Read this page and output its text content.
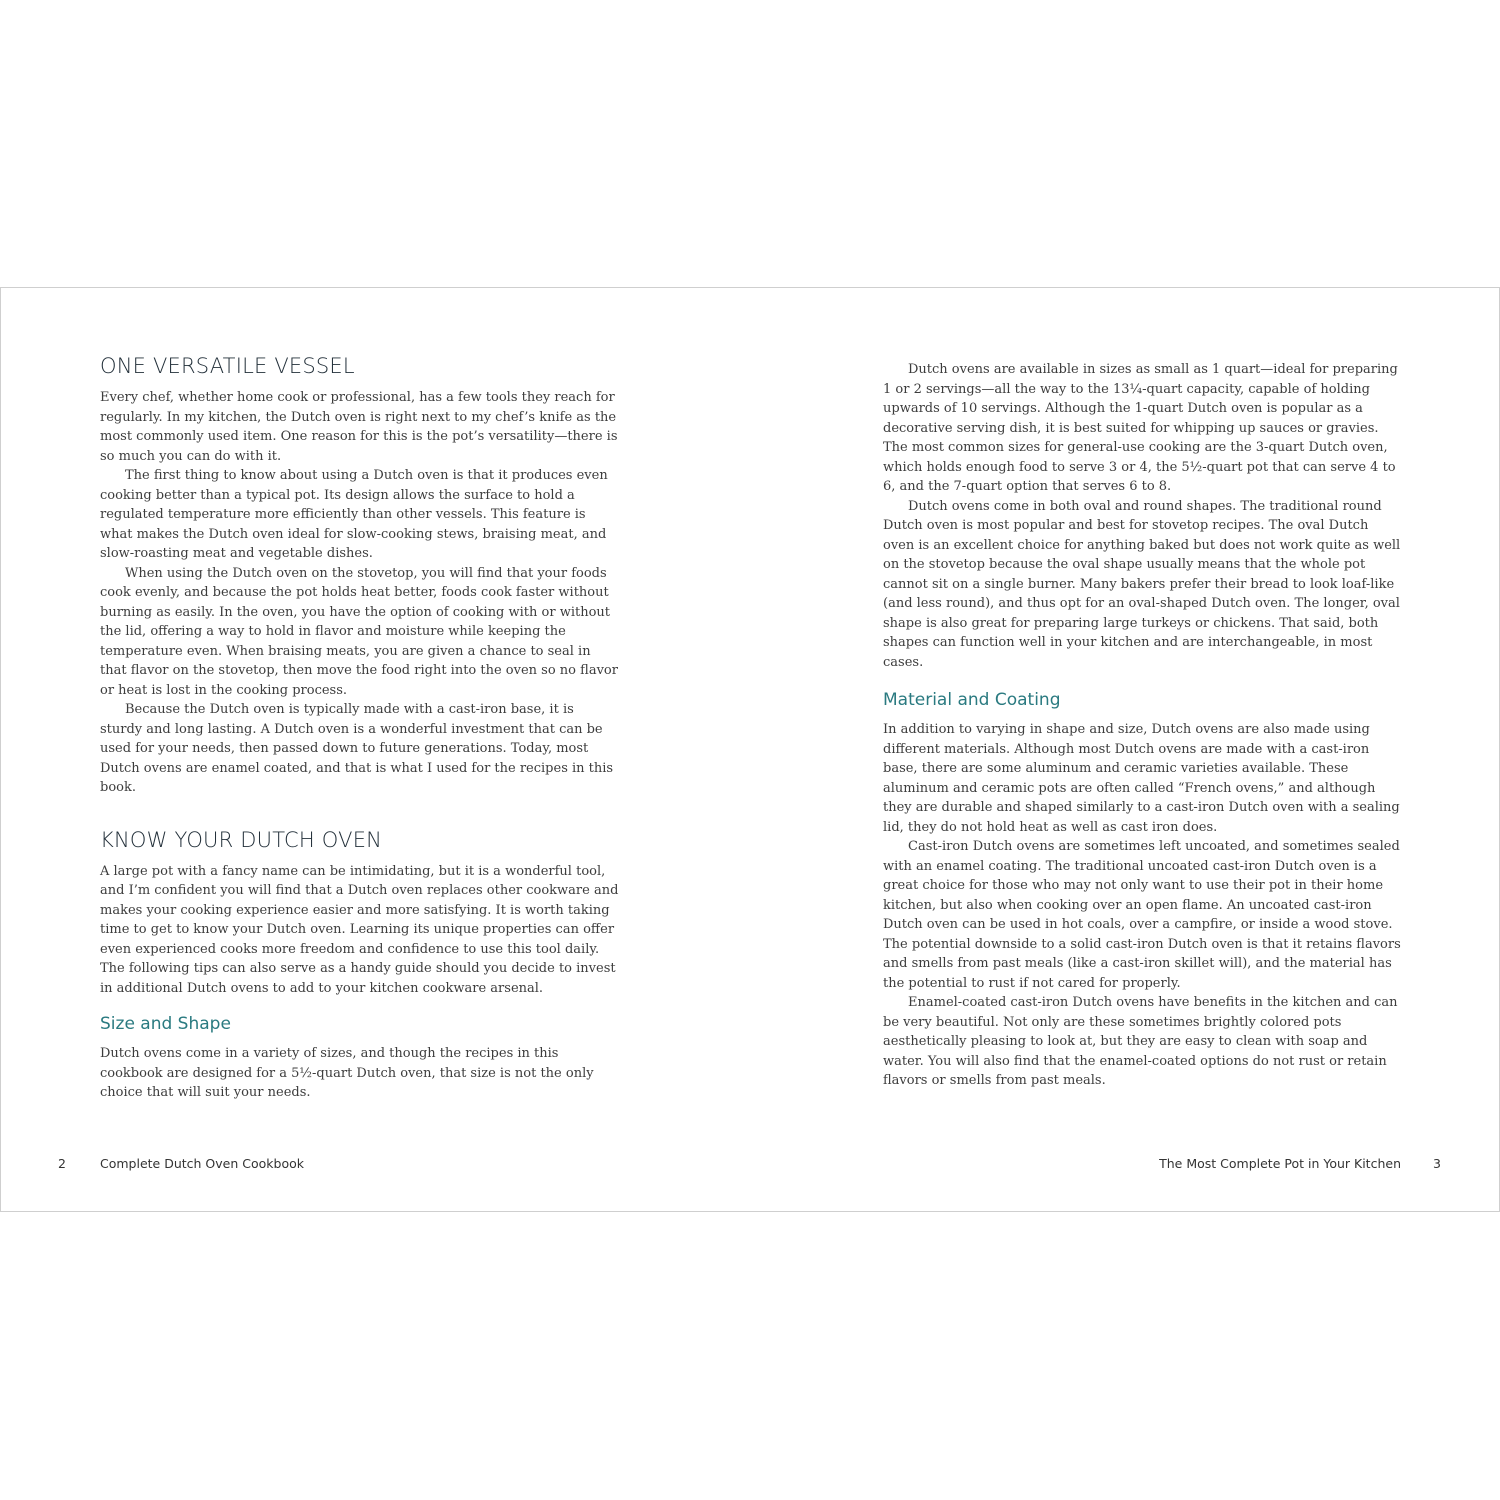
ONE VERSATILE VESSEL

Every chef, whether home cook or professional, has a few tools they reach for regularly. In my kitchen, the Dutch oven is right next to my chef’s knife as the most commonly used item. One reason for this is the pot’s versatility—there is so much you can do with it.

The first thing to know about using a Dutch oven is that it produces even cooking better than a typical pot. Its design allows the surface to hold a regulated temperature more efficiently than other vessels. This feature is what makes the Dutch oven ideal for slow-cooking stews, braising meat, and slow-roasting meat and vegetable dishes.

When using the Dutch oven on the stovetop, you will find that your foods cook evenly, and because the pot holds heat better, foods cook faster without burning as easily. In the oven, you have the option of cooking with or without the lid, offering a way to hold in flavor and moisture while keeping the temperature even. When braising meats, you are given a chance to seal in that flavor on the stovetop, then move the food right into the oven so no flavor or heat is lost in the cooking process.

Because the Dutch oven is typically made with a cast-iron base, it is sturdy and long lasting. A Dutch oven is a wonderful investment that can be used for your needs, then passed down to future generations. Today, most Dutch ovens are enamel coated, and that is what I used for the recipes in this book.

KNOW YOUR DUTCH OVEN

A large pot with a fancy name can be intimidating, but it is a wonderful tool, and I’m confident you will find that a Dutch oven replaces other cookware and makes your cooking experience easier and more satisfying. It is worth taking time to get to know your Dutch oven. Learning its unique properties can offer even experienced cooks more freedom and confidence to use this tool daily. The following tips can also serve as a handy guide should you decide to invest in additional Dutch ovens to add to your kitchen cookware arsenal.

Size and Shape

Dutch ovens come in a variety of sizes, and though the recipes in this cookbook are designed for a 5½-quart Dutch oven, that size is not the only choice that will suit your needs.

Dutch ovens are available in sizes as small as 1 quart—ideal for preparing 1 or 2 servings—all the way to the 13¼-quart capacity, capable of holding upwards of 10 servings. Although the 1-quart Dutch oven is popular as a decorative serving dish, it is best suited for whipping up sauces or gravies. The most common sizes for general-use cooking are the 3-quart Dutch oven, which holds enough food to serve 3 or 4, the 5½-quart pot that can serve 4 to 6, and the 7-quart option that serves 6 to 8.

Dutch ovens come in both oval and round shapes. The traditional round Dutch oven is most popular and best for stovetop recipes. The oval Dutch oven is an excellent choice for anything baked but does not work quite as well on the stovetop because the oval shape usually means that the whole pot cannot sit on a single burner. Many bakers prefer their bread to look loaf-like (and less round), and thus opt for an oval-shaped Dutch oven. The longer, oval shape is also great for preparing large turkeys or chickens. That said, both shapes can function well in your kitchen and are interchangeable, in most cases.

Material and Coating

In addition to varying in shape and size, Dutch ovens are also made using different materials. Although most Dutch ovens are made with a cast-iron base, there are some aluminum and ceramic varieties available. These aluminum and ceramic pots are often called “French ovens,” and although they are durable and shaped similarly to a cast-iron Dutch oven with a sealing lid, they do not hold heat as well as cast iron does.

Cast-iron Dutch ovens are sometimes left uncoated, and sometimes sealed with an enamel coating. The traditional uncoated cast-iron Dutch oven is a great choice for those who may not only want to use their pot in their home kitchen, but also when cooking over an open flame. An uncoated cast-iron Dutch oven can be used in hot coals, over a campfire, or inside a wood stove. The potential downside to a solid cast-iron Dutch oven is that it retains flavors and smells from past meals (like a cast-iron skillet will), and the material has the potential to rust if not cared for properly.

Enamel-coated cast-iron Dutch ovens have benefits in the kitchen and can be very beautiful. Not only are these sometimes brightly colored pots aesthetically pleasing to look at, but they are easy to clean with soap and water. You will also find that the enamel-coated options do not rust or retain flavors or smells from past meals.

2	Complete Dutch Oven Cookbook	The Most Complete Pot in Your Kitchen	3
